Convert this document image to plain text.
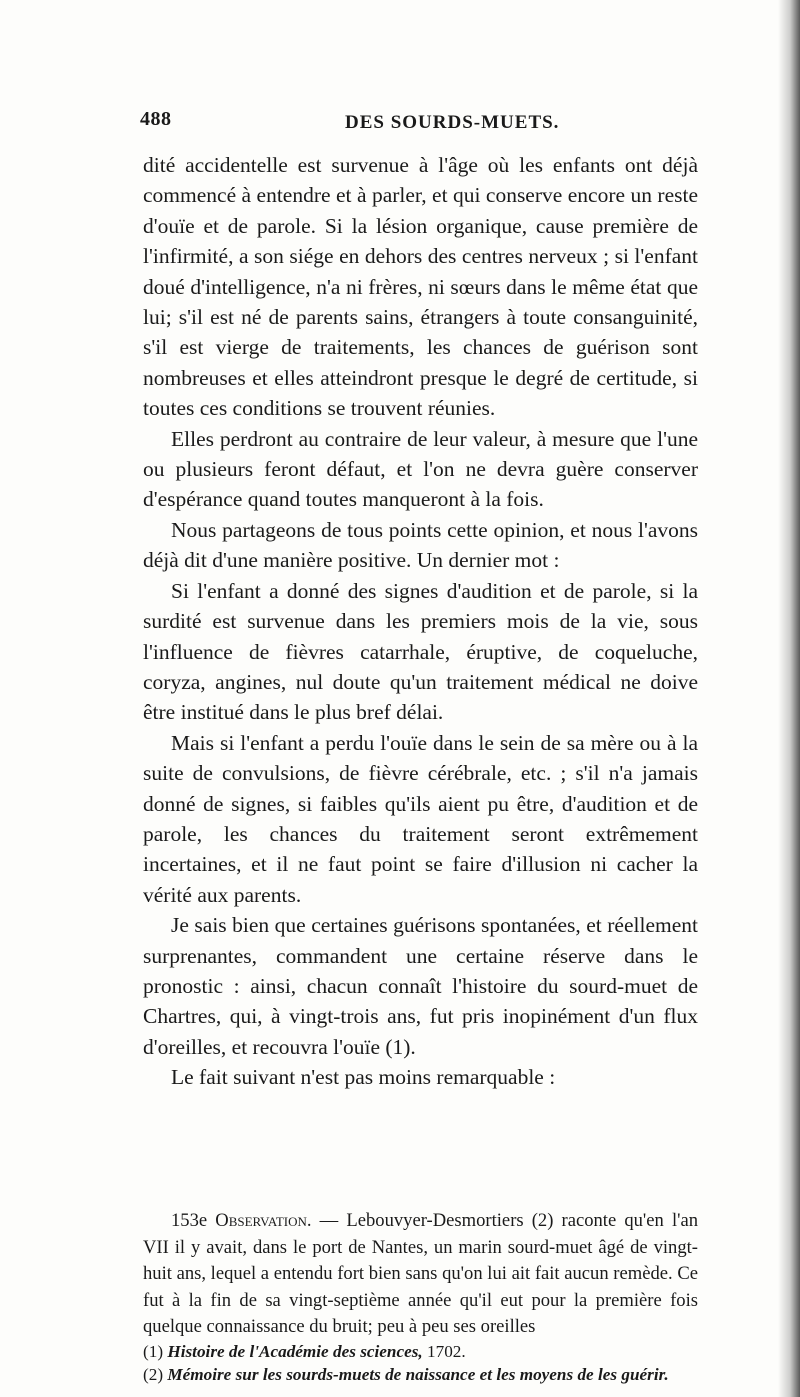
488	DES SOURDS-MUETS.

dité accidentelle est survenue à l'âge où les enfants ont déjà commencé à entendre et à parler, et qui conserve encore un reste d'ouïe et de parole. Si la lésion organique, cause première de l'infirmité, a son siége en dehors des centres nerveux ; si l'enfant doué d'intelligence, n'a ni frères, ni sœurs dans le même état que lui; s'il est né de parents sains, étrangers à toute consanguinité, s'il est vierge de traitements, les chances de guérison sont nombreuses et elles atteindront presque le degré de certitude, si toutes ces conditions se trouvent réunies.

Elles perdront au contraire de leur valeur, à mesure que l'une ou plusieurs feront défaut, et l'on ne devra guère conserver d'espérance quand toutes manqueront à la fois.

Nous partageons de tous points cette opinion, et nous l'avons déjà dit d'une manière positive. Un dernier mot :

Si l'enfant a donné des signes d'audition et de parole, si la surdité est survenue dans les premiers mois de la vie, sous l'influence de fièvres catarrhale, éruptive, de coqueluche, coryza, angines, nul doute qu'un traitement médical ne doive être institué dans le plus bref délai.

Mais si l'enfant a perdu l'ouïe dans le sein de sa mère ou à la suite de convulsions, de fièvre cérébrale, etc. ; s'il n'a jamais donné de signes, si faibles qu'ils aient pu être, d'audition et de parole, les chances du traitement seront extrêmement incertaines, et il ne faut point se faire d'illusion ni cacher la vérité aux parents.

Je sais bien que certaines guérisons spontanées, et réellement surprenantes, commandent une certaine réserve dans le pronostic : ainsi, chacun connaît l'histoire du sourd-muet de Chartres, qui, à vingt-trois ans, fut pris inopinément d'un flux d'oreilles, et recouvra l'ouïe (1).

Le fait suivant n'est pas moins remarquable :

153e Observation. — Lebouvyer-Desmortiers (2) raconte qu'en l'an VII il y avait, dans le port de Nantes, un marin sourd-muet âgé de vingt-huit ans, lequel a entendu fort bien sans qu'on lui ait fait aucun remède. Ce fut à la fin de sa vingt-septième année qu'il eut pour la première fois quelque connaissance du bruit; peu à peu ses oreilles

(1) Histoire de l'Académie des sciences, 1702.
(2) Mémoire sur les sourds-muets de naissance et les moyens de les guérir.
